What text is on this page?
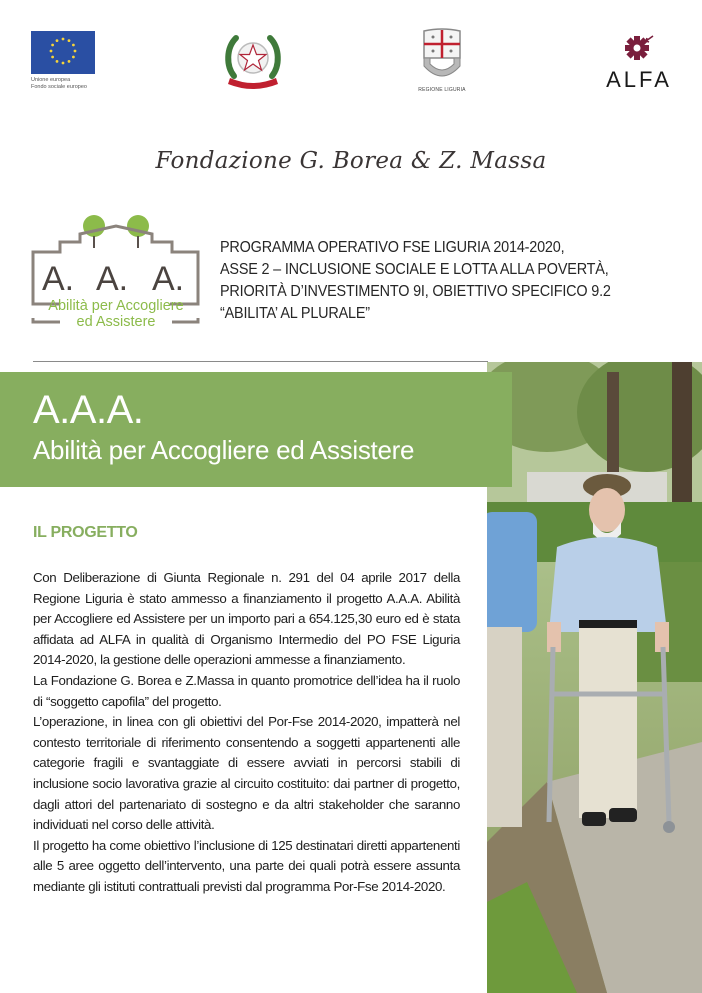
Unione europea
Fondo sociale europeo	REGIONE LIGURIA	ALFA
Fondazione G. Borea & Z. Massa
A. A. A.
Abilità per Accogliere
ed Assistere
PROGRAMMA OPERATIVO FSE LIGURIA 2014-2020,
ASSE 2 – INCLUSIONE SOCIALE E LOTTA ALLA POVERTÀ,
PRIORITÀ D’INVESTIMENTO 9I, OBIETTIVO SPECIFICO 9.2
“ABILITA’ AL PLURALE”
A.A.A.
Abilità per Accogliere ed Assistere
IL PROGETTO

Con Deliberazione di Giunta Regionale n. 291 del 04 aprile 2017 della Regione Liguria è stato ammesso a finanziamento il progetto A.A.A. Abilità per Accogliere ed Assistere per un importo pari a 654.125,30 euro ed è stata affidata ad ALFA in qualità di Organismo Intermedio del PO FSE Liguria 2014-2020, la gestione delle operazioni ammesse a finanziamento.

La Fondazione G. Borea e Z.Massa in quanto promotrice dell’idea ha il ruolo di “soggetto capofila” del progetto.

L’operazione, in linea con gli obiettivi del Por-Fse 2014-2020, impatterà nel contesto territoriale di riferimento consentendo a soggetti appartenenti alle categorie fragili e svantaggiate di essere avviati in percorsi stabili di inclusione socio lavorativa grazie al circuito costituito: dai partner di progetto, dagli attori del partenariato di sostegno e da altri stakeholder che saranno individuati nel corso delle attività.

Il progetto ha come obiettivo l’inclusione di 125 destinatari diretti appartenenti alle 5 aree oggetto dell’intervento, una parte dei quali potrà essere assunta mediante gli istituti contrattuali previsti dal programma Por-Fse 2014-2020.
